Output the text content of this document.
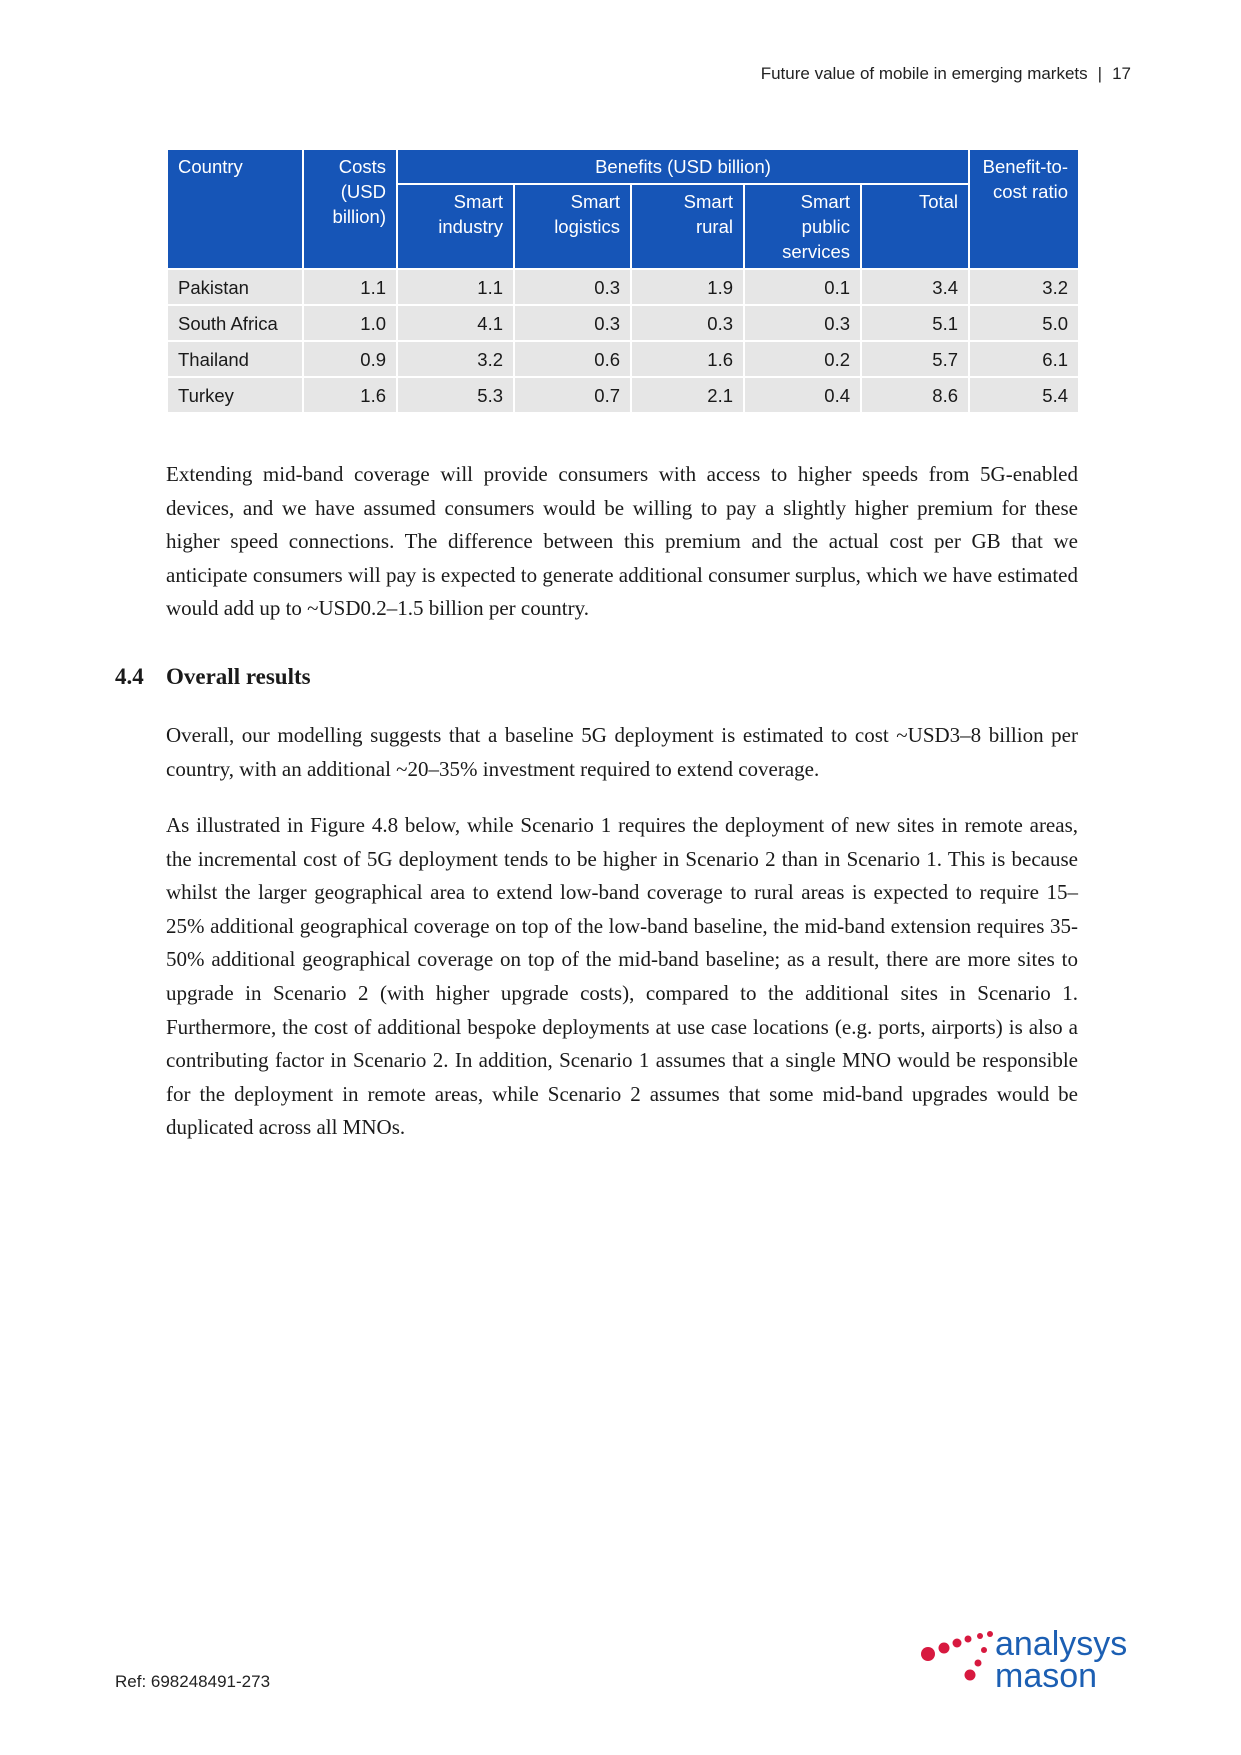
Future value of mobile in emerging markets | 17
Country	Costs (USD billion)	Benefits (USD billion)					Benefit-to-cost ratio
		Smart industry	Smart logistics	Smart rural	Smart public services	Total	
Pakistan	1.1	1.1	0.3	1.9	0.1	3.4	3.2
South Africa	1.0	4.1	0.3	0.3	0.3	5.1	5.0
Thailand	0.9	3.2	0.6	1.6	0.2	5.7	6.1
Turkey	1.6	5.3	0.7	2.1	0.4	8.6	5.4

Extending mid-band coverage will provide consumers with access to higher speeds from 5G-enabled devices, and we have assumed consumers would be willing to pay a slightly higher premium for these higher speed connections. The difference between this premium and the actual cost per GB that we anticipate consumers will pay is expected to generate additional consumer surplus, which we have estimated would add up to ~USD0.2–1.5 billion per country.

4.4 Overall results

Overall, our modelling suggests that a baseline 5G deployment is estimated to cost ~USD3–8 billion per country, with an additional ~20–35% investment required to extend coverage.

As illustrated in Figure 4.8 below, while Scenario 1 requires the deployment of new sites in remote areas, the incremental cost of 5G deployment tends to be higher in Scenario 2 than in Scenario 1. This is because whilst the larger geographical area to extend low-band coverage to rural areas is expected to require 15–25% additional geographical coverage on top of the low-band baseline, the mid-band extension requires 35-50% additional geographical coverage on top of the mid-band baseline; as a result, there are more sites to upgrade in Scenario 2 (with higher upgrade costs), compared to the additional sites in Scenario 1. Furthermore, the cost of additional bespoke deployments at use case locations (e.g. ports, airports) is also a contributing factor in Scenario 2. In addition, Scenario 1 assumes that a single MNO would be responsible for the deployment in remote areas, while Scenario 2 assumes that some mid-band upgrades would be duplicated across all MNOs.

Ref: 698248491-273
analysys
mason
